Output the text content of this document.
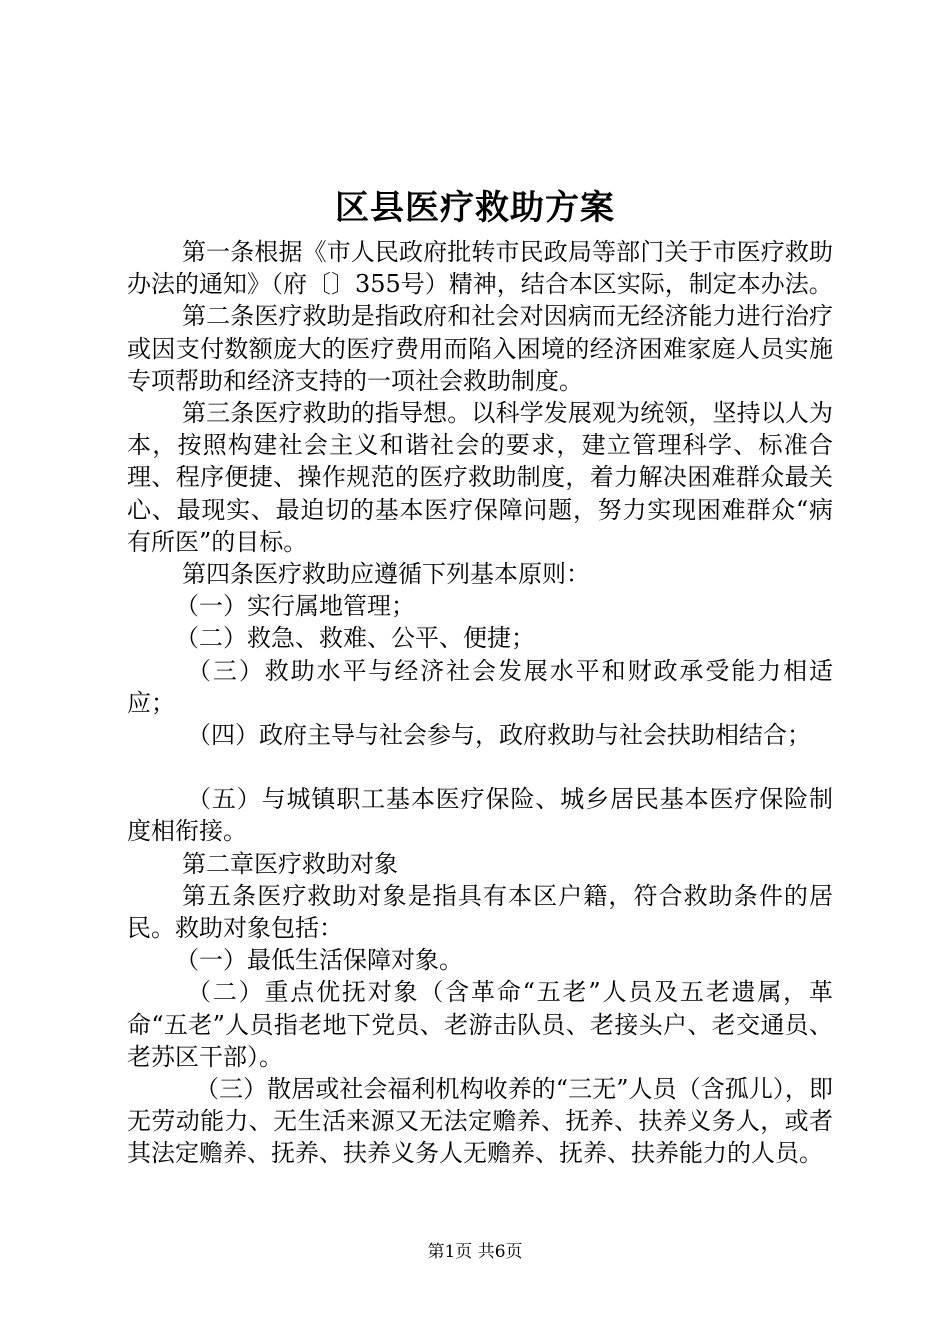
区县医疗救助方案

第一条根据《市人民政府批转市民政局等部门关于市医疗救助办法的通知》（府〔〕355号）精神，结合本区实际，制定本办法。

第二条医疗救助是指政府和社会对因病而无经济能力进行治疗或因支付数额庞大的医疗费用而陷入困境的经济困难家庭人员实施专项帮助和经济支持的一项社会救助制度。

第三条医疗救助的指导想。以科学发展观为统领，坚持以人为本，按照构建社会主义和谐社会的要求，建立管理科学、标准合理、程序便捷、操作规范的医疗救助制度，着力解决困难群众最关心、最现实、最迫切的基本医疗保障问题，努力实现困难群众“病有所医”的目标。

第四条医疗救助应遵循下列基本原则：

（一）实行属地管理；

（二）救急、救难、公平、便捷；

（三）救助水平与经济社会发展水平和财政承受能力相适应；

（四）政府主导与社会参与，政府救助与社会扶助相结合；

（五）与城镇职工基本医疗保险、城乡居民基本医疗保险制度相衔接。

第二章医疗救助对象

第五条医疗救助对象是指具有本区户籍，符合救助条件的居民。救助对象包括：

（一）最低生活保障对象。

（二）重点优抚对象（含革命“五老”人员及五老遗属，革命“五老”人员指老地下党员、老游击队员、老接头户、老交通员、老苏区干部）。

（三）散居或社会福利机构收养的“三无”人员（含孤儿），即无劳动能力、无生活来源又无法定赡养、抚养、扶养义务人，或者其法定赡养、抚养、扶养义务人无赡养、抚养、扶养能力的人员。

第1页 共6页
